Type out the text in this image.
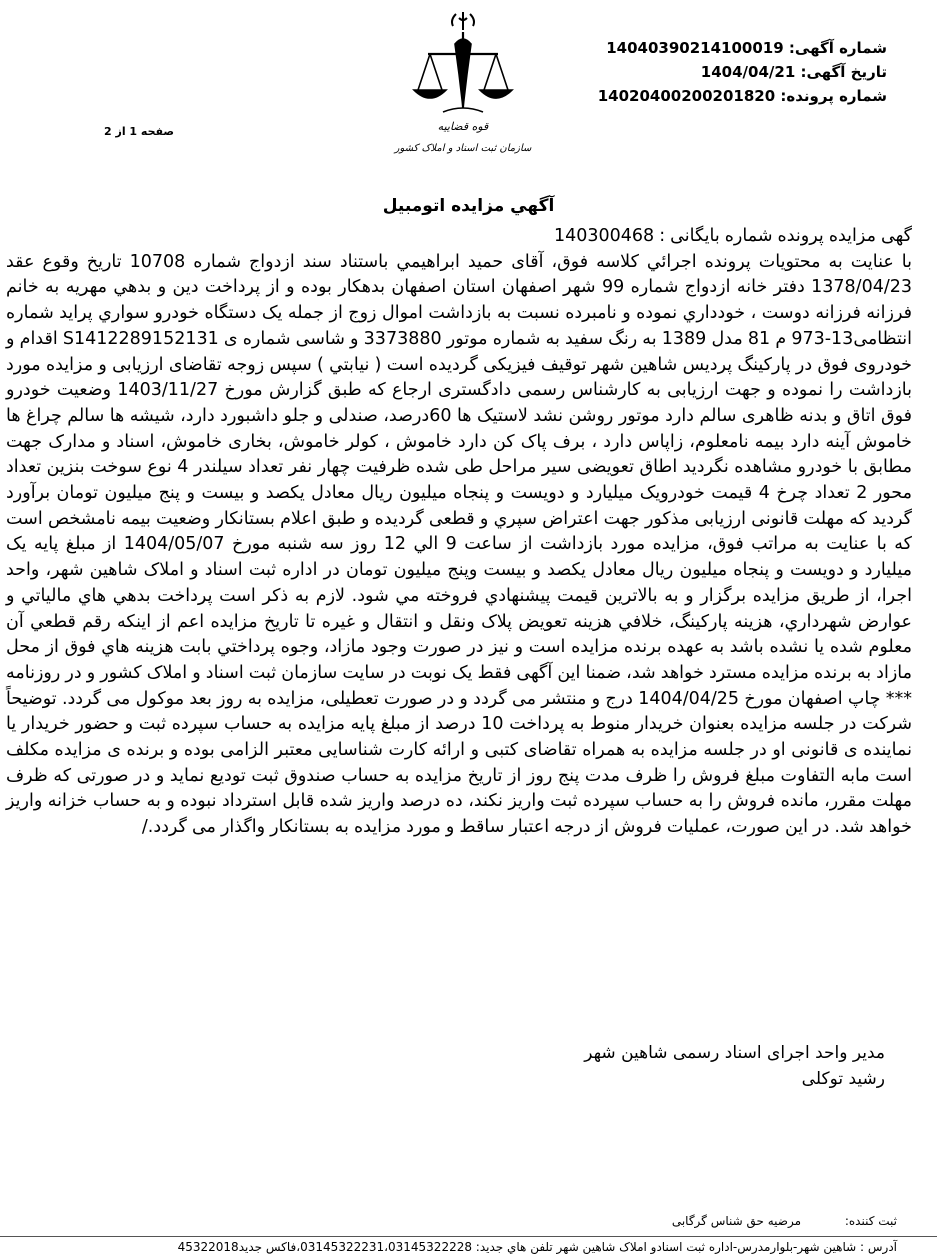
شماره آگهی: 14040390214100019
تاریخ آگهی: 1404/04/21
شماره پرونده: 14020400200201820
قوه قضاییه
سازمان ثبت اسناد و املاک کشور
صفحه 1 از 2
آگهي مزايده اتومبيل

گهی مزایده پرونده شماره بایگانی : 140300468

با عنایت به محتویات پرونده اجرائي کلاسه فوق، آقای حميد ابراهيمي باستناد سند ازدواج شماره 10708 تاریخ وقوع عقد 1378/04/23 دفتر خانه ازدواج شماره 99 شهر اصفهان استان اصفهان بدهکار بوده و از پرداخت دين و بدهي مهريه به خانم فرزانه فرزانه دوست ، خودداري نموده و نامبرده نسبت به بازداشت اموال زوج از جمله يک دستگاه خودرو سواري پرايد شماره انتظامی13-973 م 81 مدل 1389 به رنگ سفيد به شماره موتور 3373880 و شاسی شماره ی S1412289152131 اقدام و خودروی فوق در پارکینگ پردیس شاهين شهر توقیف فیزیکی گردیده است ( نيابتي ) سپس زوجه تقاضای ارزیابی و مزایده مورد بازداشت را نموده و جهت ارزیابی به کارشناس رسمی دادگستری ارجاع که طبق گزارش مورخ 1403/11/27 وضعیت خودرو فوق اتاق و بدنه ظاهری سالم دارد موتور روشن نشد لاستیک ها 60درصد، صندلی و جلو داشبورد دارد، شیشه ها سالم چراغ ها خاموش آینه دارد بیمه نامعلوم، زاپاس دارد ، برف پاک کن دارد خاموش ، کولر خاموش، بخاری خاموش، اسناد و مدارک جهت مطابق با خودرو مشاهده نگردید اطاق تعویضی سیر مراحل طی شده ظرفیت چهار نفر تعداد سیلندر 4 نوع سوخت بنزین تعداد محور 2 تعداد چرخ 4 قیمت خودرویک میلیارد و دویست و پنجاه میلیون ریال معادل یکصد و بیست و پنج میلیون تومان برآورد گردید که مهلت قانونی ارزیابی مذکور جهت اعتراض سپري و قطعی گردیده و طبق اعلام بستانکار وضعیت بیمه نامشخص است که با عنایت به مراتب فوق، مزایده مورد بازداشت از ساعت 9 الي 12 روز سه شنبه مورخ 1404/05/07 از مبلغ پایه یک میلیارد و دویست و پنجاه میلیون ریال معادل یکصد و بیست وپنج میلیون تومان در اداره ثبت اسناد و املاک شاهين شهر، واحد اجرا، از طريق مزايده برگزار و به بالاترين قيمت پيشنهادي فروخته مي شود. لازم به ذکر است پرداخت بدهي هاي مالياتي و عوارض شهرداري، هزينه پارکينگ، خلافي هزينه تعويض پلاک ونقل و انتقال و غيره تا تاريخ مزايده اعم از اينکه رقم قطعي آن معلوم شده يا نشده باشد به عهده برنده مزايده است و نيز در صورت وجود مازاد، وجوه پرداختي بابت هزينه هاي فوق از محل مازاد به برنده مزايده مسترد خواهد شد، ضمنا این آگهی فقط یک نوبت در سایت سازمان ثبت اسناد و املاک کشور و در روزنامه *** چاپ اصفهان مورخ 1404/04/25 درج و منتشر می گردد و در صورت تعطیلی، مزایده به روز بعد موکول می گردد. توضيحاً شرکت در جلسه مزايده بعنوان خريدار منوط به پرداخت 10 درصد از مبلغ پايه مزايده به حساب سپرده ثبت و حضور خريدار يا نماينده ی قانونی او در جلسه مزايده به همراه تقاضای کتبی و ارائه کارت شناسایی معتبر الزامی بوده و برنده ی مزايده مکلف است مابه التفاوت مبلغ فروش را ظرف مدت پنج روز از تاریخ مزایده به حساب صندوق ثبت تودیع نماید و در صورتی که ظرف مهلت مقرر، مانده فروش را به حساب سپرده ثبت واریز نکند، ده درصد واریز شده قابل استرداد نبوده و به حساب خزانه واریز خواهد شد. در این صورت، عملیات فروش از درجه اعتبار ساقط و مورد مزایده به بستانکار واگذار می گردد./

مدير واحد اجرای اسناد رسمی شاهين شهر
رشيد توکلی
ثبت کننده: مرضيه حق شناس گرگابی
آدرس : شاهين شهر-بلوارمدرس-اداره ثبت اسنادو املاک شاهين شهر تلفن هاي جديد: 03145322231،03145322228،فاکس جديد45322018
